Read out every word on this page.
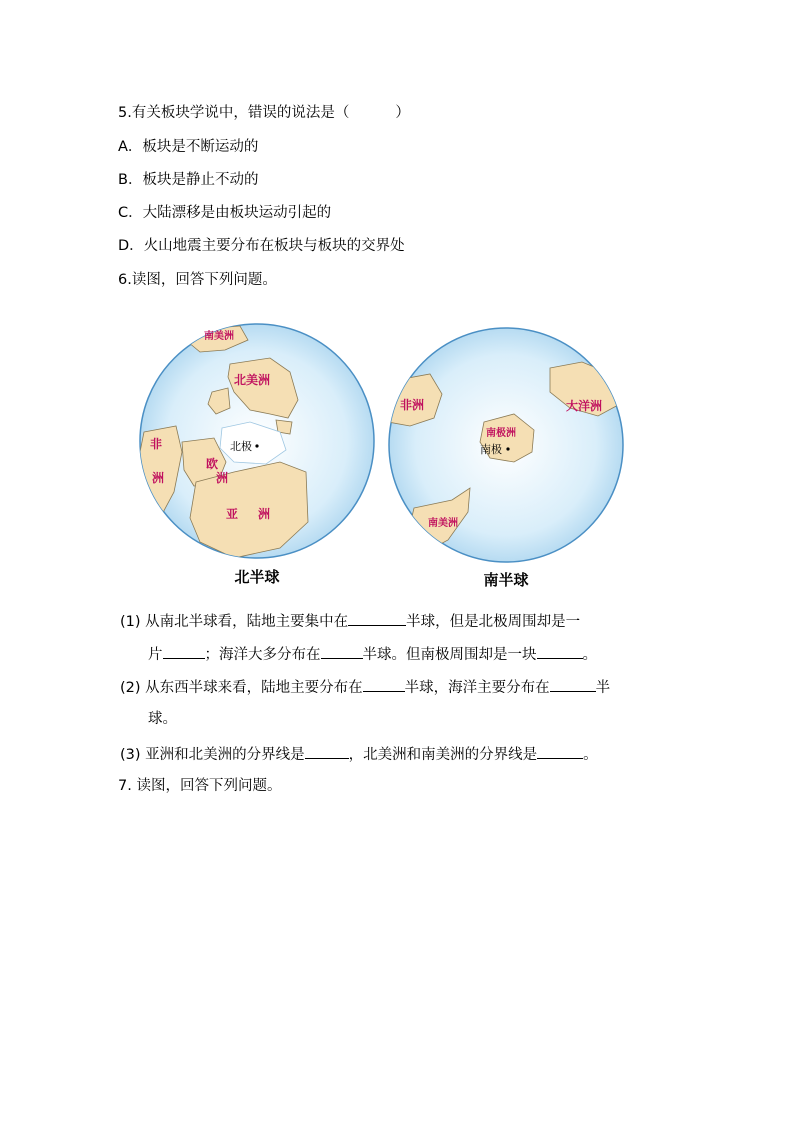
5.有关板块学说中，错误的说法是（          ）
A．板块是不断运动的
B．板块是静止不动的
C．大陆漂移是由板块运动引起的
D．火山地震主要分布在板块与板块的交界处
6.读图，回答下列问题。
南美洲
北美洲
非
洲
欧
洲
亚 洲
北极
北半球
非洲	大洋洲
南极洲
南美洲
南极
南半球
(1) 从南北半球看，陆地主要集中在	半球，但是北极周围却是一
片	；海洋大多分布在	半球。但南极周围却是一块	。
(2) 从东西半球来看，陆地主要分布在	半球，海洋主要分布在	半
球。
(3) 亚洲和北美洲的分界线是	，北美洲和南美洲的分界线是	。
7. 读图，回答下列问题。
